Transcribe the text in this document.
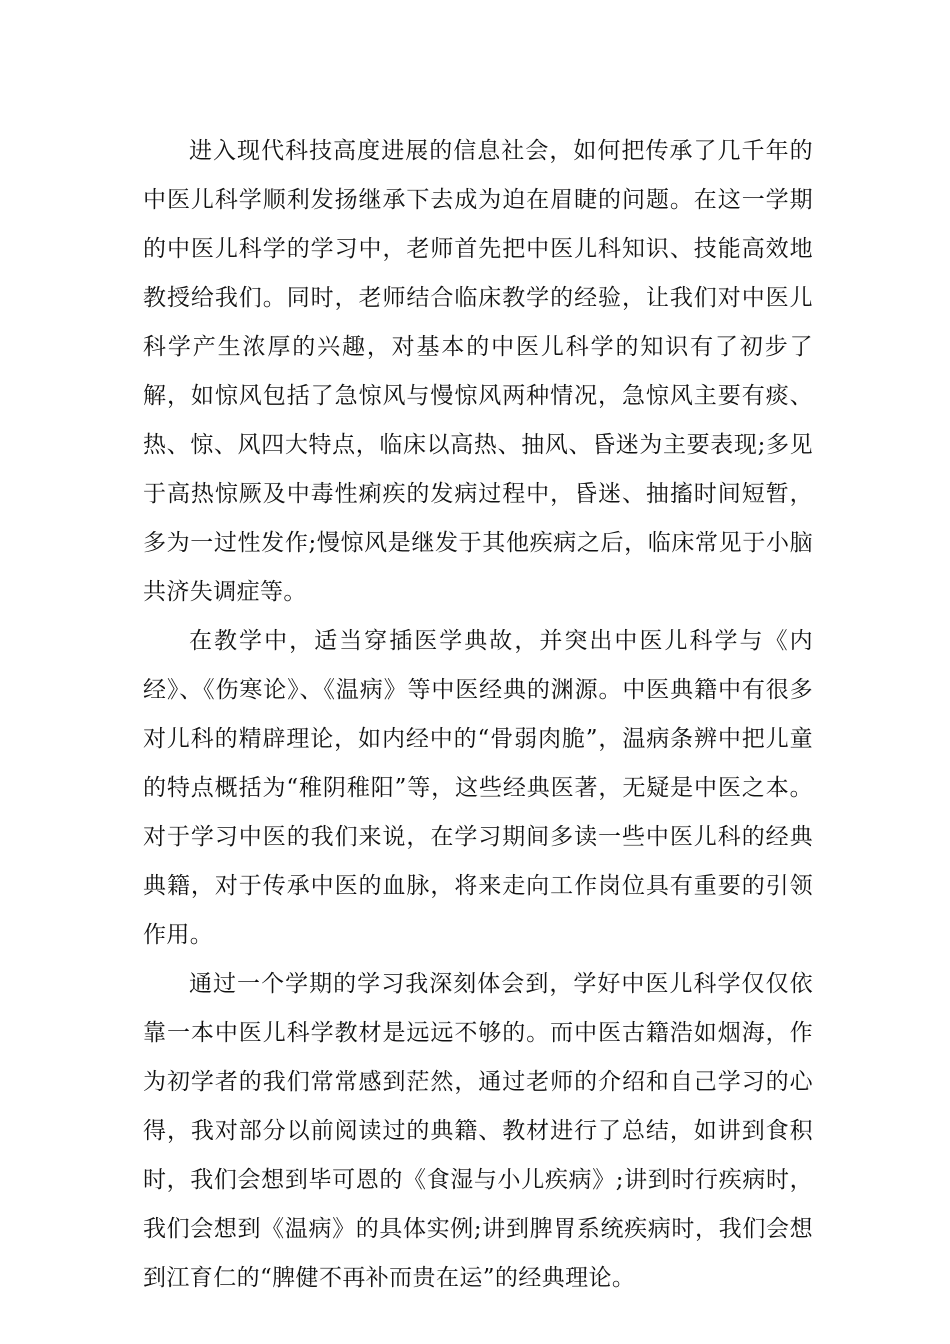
进入现代科技高度进展的信息社会，如何把传承了几千年的中医儿科学顺利发扬继承下去成为迫在眉睫的问题。在这一学期的中医儿科学的学习中，老师首先把中医儿科知识、技能高效地教授给我们。同时，老师结合临床教学的经验，让我们对中医儿科学产生浓厚的兴趣，对基本的中医儿科学的知识有了初步了解，如惊风包括了急惊风与慢惊风两种情况，急惊风主要有痰、热、惊、风四大特点，临床以高热、抽风、昏迷为主要表现;多见于高热惊厥及中毒性痢疾的发病过程中，昏迷、抽搐时间短暂，多为一过性发作;慢惊风是继发于其他疾病之后，临床常见于小脑共济失调症等。

在教学中，适当穿插医学典故，并突出中医儿科学与《内经》、《伤寒论》、《温病》等中医经典的渊源。中医典籍中有很多对儿科的精辟理论，如内经中的“骨弱肉脆”，温病条辨中把儿童的特点概括为“稚阴稚阳”等，这些经典医著，无疑是中医之本。对于学习中医的我们来说，在学习期间多读一些中医儿科的经典典籍，对于传承中医的血脉，将来走向工作岗位具有重要的引领作用。

通过一个学期的学习我深刻体会到，学好中医儿科学仅仅依靠一本中医儿科学教材是远远不够的。而中医古籍浩如烟海，作为初学者的我们常常感到茫然，通过老师的介绍和自己学习的心得，我对部分以前阅读过的典籍、教材进行了总结，如讲到食积时，我们会想到毕可恩的《食湿与小儿疾病》;讲到时行疾病时，我们会想到《温病》的具体实例;讲到脾胃系统疾病时，我们会想到江育仁的“脾健不再补而贵在运”的经典理论。
